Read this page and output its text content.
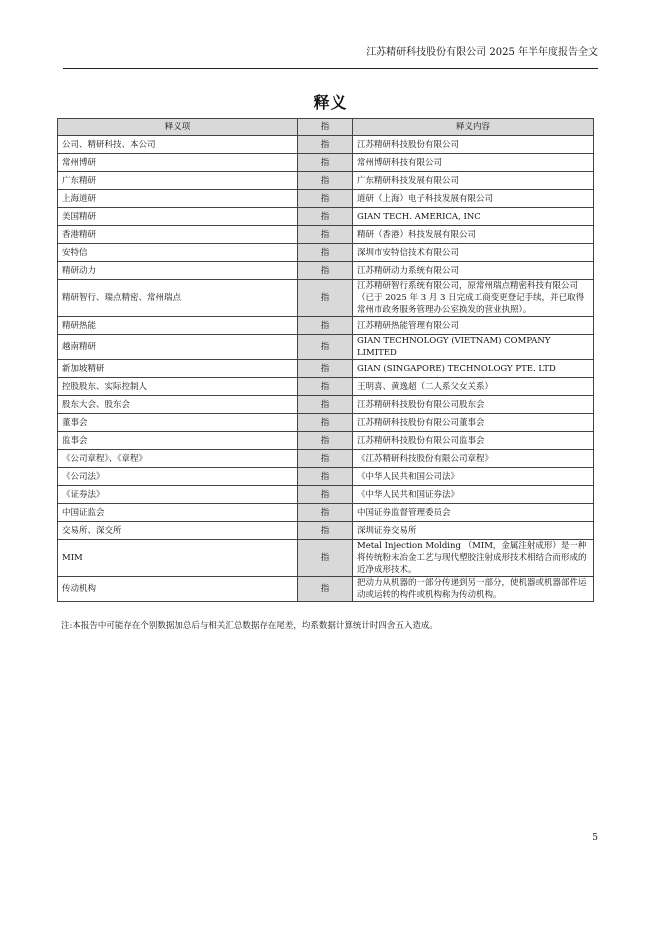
江苏精研科技股份有限公司 2025 年半年度报告全文
释义
释义项	指	释义内容
公司、精研科技、本公司	指	江苏精研科技股份有限公司
常州博研	指	常州博研科技有限公司
广东精研	指	广东精研科技发展有限公司
上海道研	指	道研（上海）电子科技发展有限公司
美国精研	指	GIAN TECH. AMERICA, INC
香港精研	指	精研（香港）科技发展有限公司
安特信	指	深圳市安特信技术有限公司
精研动力	指	江苏精研动力系统有限公司
精研智行、瑞点精密、常州瑞点	指	江苏精研智行系统有限公司，原常州瑞点精密科技有限公司（已于 2025 年 3 月 3 日完成工商变更登记手续，并已取得常州市政务服务管理办公室换发的营业执照）。
精研热能	指	江苏精研热能管理有限公司
越南精研	指	GIAN TECHNOLOGY (VIETNAM) COMPANY LIMITED
新加坡精研	指	GIAN (SINGAPORE) TECHNOLOGY PTE. LTD
控股股东、实际控制人	指	王明喜、黄逸超（二人系父女关系）
股东大会、股东会	指	江苏精研科技股份有限公司股东会
董事会	指	江苏精研科技股份有限公司董事会
监事会	指	江苏精研科技股份有限公司监事会
《公司章程》、《章程》	指	《江苏精研科技股份有限公司章程》
《公司法》	指	《中华人民共和国公司法》
《证券法》	指	《中华人民共和国证券法》
中国证监会	指	中国证券监督管理委员会
交易所、深交所	指	深圳证券交易所
MIM	指	Metal Injection Molding （MIM，金属注射成形）是一种将传统粉末冶金工艺与现代塑胶注射成形技术相结合而形成的近净成形技术。
传动机构	指	把动力从机器的一部分传递到另一部分，使机器或机器部件运动或运转的构件或机构称为传动机构。
注:本报告中可能存在个别数据加总后与相关汇总数据存在尾差，均系数据计算统计时四舍五入造成。
5
